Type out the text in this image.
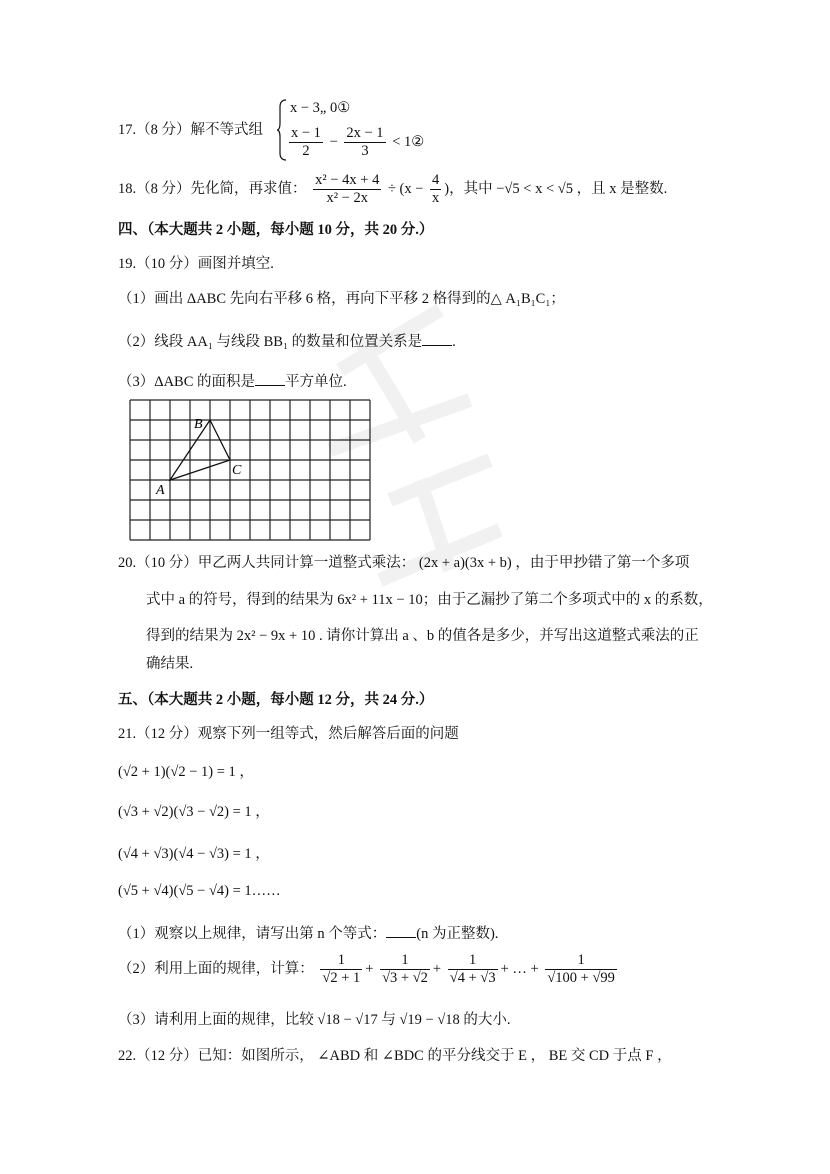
17.（8 分）解不等式组
x − 3„ 0①
$\frac{x - 1}{2} - \frac{2x - 1}{3}$ < 1②
18.（8 分）先化简，再求值： $\frac{\text{x² − 4x + 4}}{\text{x² − 2x}} \div (x - \frac{4}{x}$ )，其中 −√5 < x < √5 ，且 x 是整数.
四、（本大题共 2 小题，每小题 10 分，共 20 分.）
19.（10 分）画图并填空.
（1）画出 ΔABC 先向右平移 6 格，再向下平移 2 格得到的△ A₁B₁C₁；
（2）线段 AA₁ 与线段 BB₁ 的数量和位置关系是 .
（3）ΔABC 的面积是 平方单位.
A
B
C
20.（10 分）甲乙两人共同计算一道整式乘法： (2x + a)(3x + b) ，由于甲抄错了第一个多项
式中 a 的符号，得到的结果为 6x² + 11x − 10；由于乙漏抄了第二个多项式中的 x 的系数，
得到的结果为 2x² − 9x + 10 . 请你计算出 a 、b 的值各是多少，并写出这道整式乘法的正
确结果.
五、（本大题共 2 小题，每小题 12 分，共 24 分.）
21.（12 分）观察下列一组等式，然后解答后面的问题
(√2 + 1)(√2 − 1) = 1 ，
(√3 + √2)(√3 − √2) = 1 ，
(√4 + √3)(√4 − √3) = 1 ，
(√5 + √4)(√5 − √4) = 1……
（1）观察以上规律，请写出第 n 个等式： (n 为正整数).
（2）利用上面的规律，计算： $\frac{1}{√2 + 1} + \frac{1}{√3 + √2} + \frac{1}{√4 + √3}$ + … + $\frac{1}{√100 + √99}$
（3）请利用上面的规律，比较 √18 − √17 与 √19 − √18 的大小.
22.（12 分）已知：如图所示， ∠ABD 和 ∠BDC 的平分线交于 E ， BE 交 CD 于点 F ，
